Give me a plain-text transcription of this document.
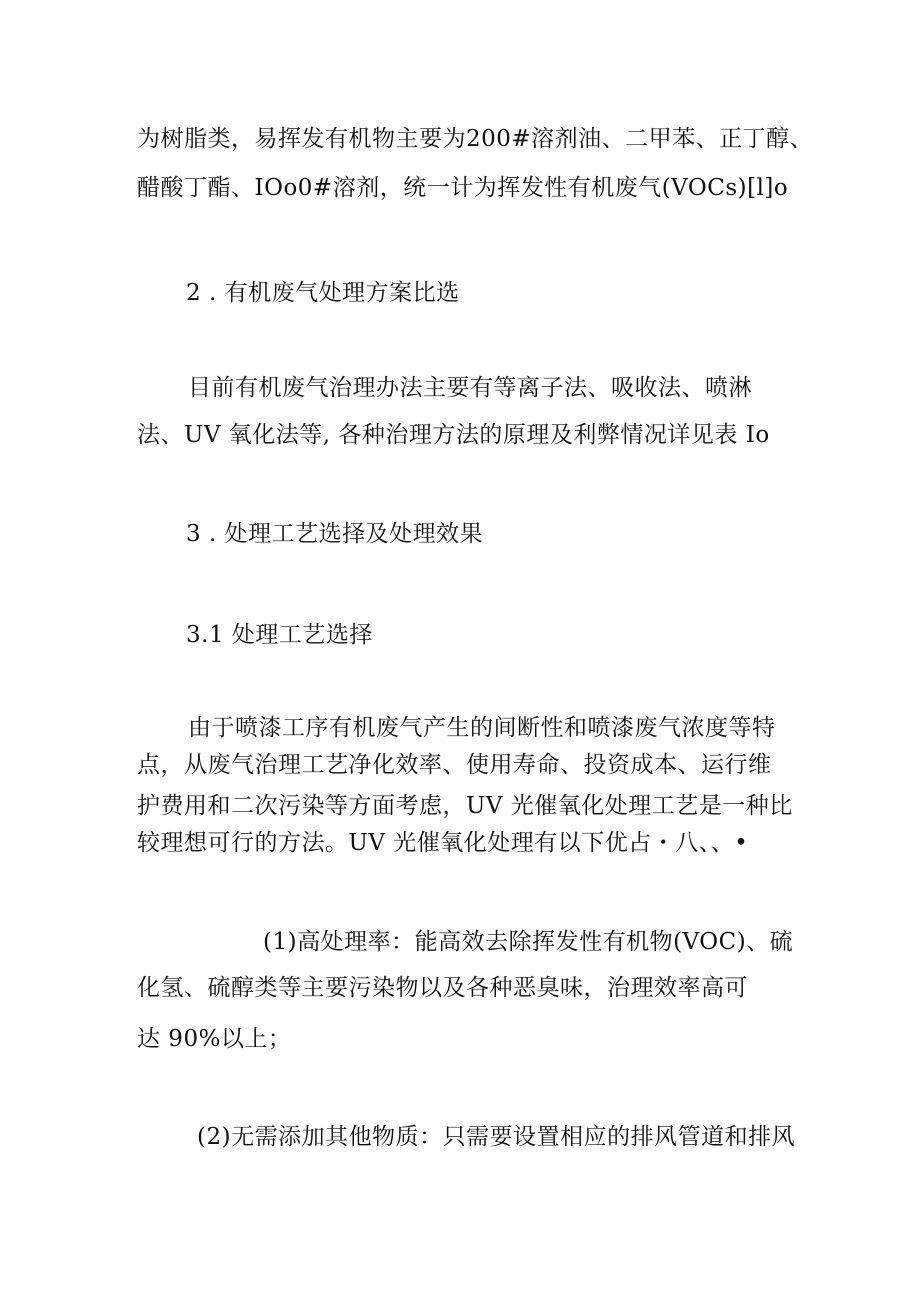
为树脂类，易挥发有机物主要为200#溶剂油、二甲苯、正丁醇、
醋酸丁酯、IOo0#溶剂，统一计为挥发性有机废气(VOCs)[l]o
2 . 有机废气处理方案比选
目前有机废气治理办法主要有等离子法、吸收法、喷淋
法、UV 氧化法等, 各种治理方法的原理及利弊情况详见表 Io
3 . 处理工艺选择及处理效果
3.1 处理工艺选择
由于喷漆工序有机废气产生的间断性和喷漆废气浓度等特
点，从废气治理工艺净化效率、使用寿命、投资成本、运行维
护费用和二次污染等方面考虑，UV 光催氧化处理工艺是一种比
较理想可行的方法。UV 光催氧化处理有以下优占・八、、•
(1)高处理率：能高效去除挥发性有机物(VOC)、硫
化氢、硫醇类等主要污染物以及各种恶臭味，治理效率高可
达 90%以上；
(2)无需添加其他物质：只需要设置相应的排风管道和排风
